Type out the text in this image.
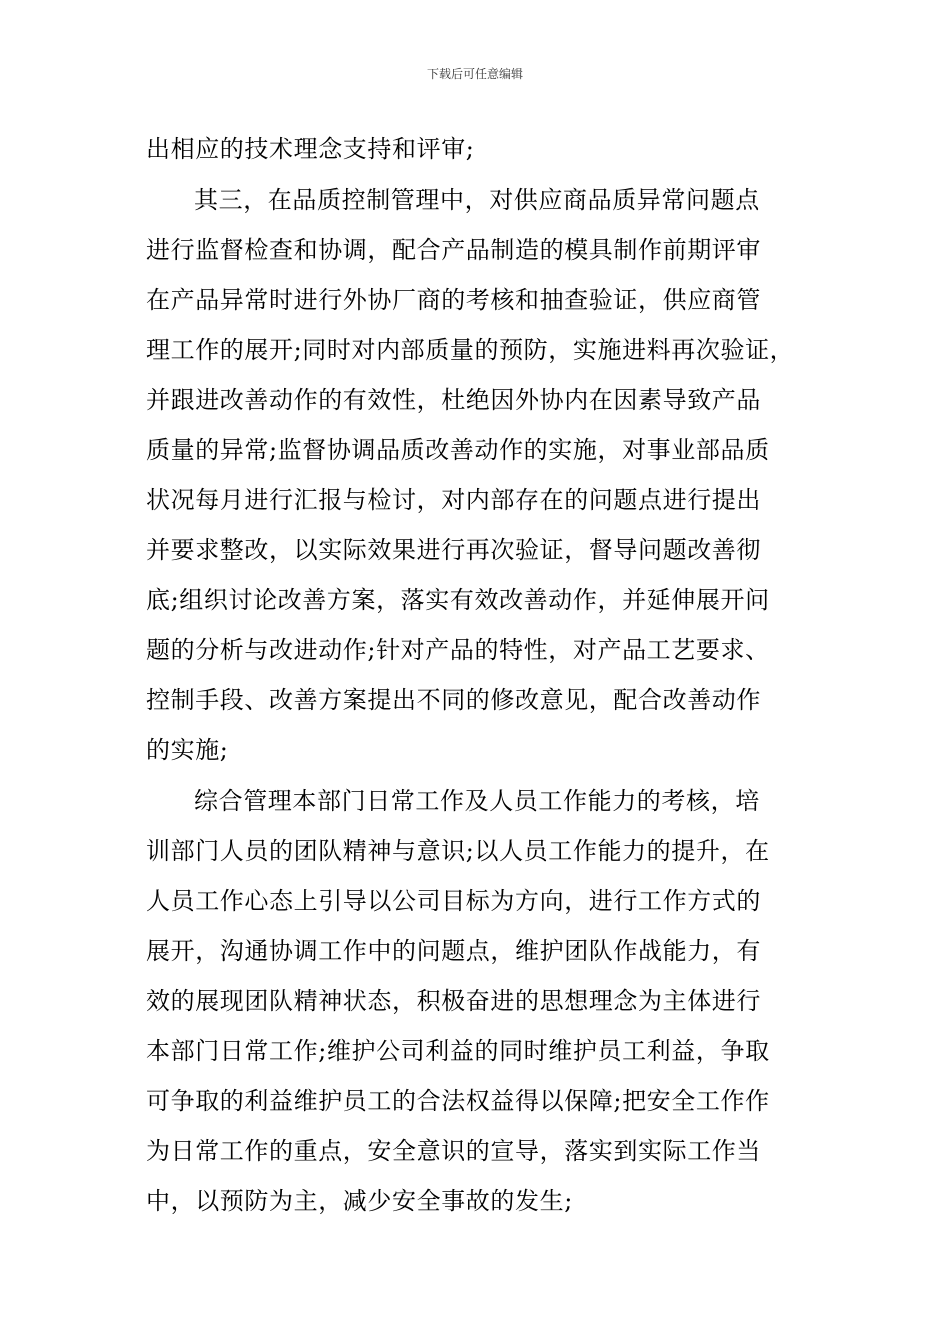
下载后可任意编辑
出相应的技术理念支持和评审;
其三，在品质控制管理中，对供应商品质异常问题点
进行监督检查和协调，配合产品制造的模具制作前期评审
在产品异常时进行外协厂商的考核和抽查验证，供应商管
理工作的展开;同时对内部质量的预防，实施进料再次验证，
并跟进改善动作的有效性，杜绝因外协内在因素导致产品
质量的异常;监督协调品质改善动作的实施，对事业部品质
状况每月进行汇报与检讨，对内部存在的问题点进行提出
并要求整改，以实际效果进行再次验证，督导问题改善彻
底;组织讨论改善方案，落实有效改善动作，并延伸展开问
题的分析与改进动作;针对产品的特性，对产品工艺要求、
控制手段、改善方案提出不同的修改意见，配合改善动作
的实施;
综合管理本部门日常工作及人员工作能力的考核，培
训部门人员的团队精神与意识;以人员工作能力的提升，在
人员工作心态上引导以公司目标为方向，进行工作方式的
展开，沟通协调工作中的问题点，维护团队作战能力，有
效的展现团队精神状态，积极奋进的思想理念为主体进行
本部门日常工作;维护公司利益的同时维护员工利益，争取
可争取的利益维护员工的合法权益得以保障;把安全工作作
为日常工作的重点，安全意识的宣导，落实到实际工作当
中，以预防为主，减少安全事故的发生;
